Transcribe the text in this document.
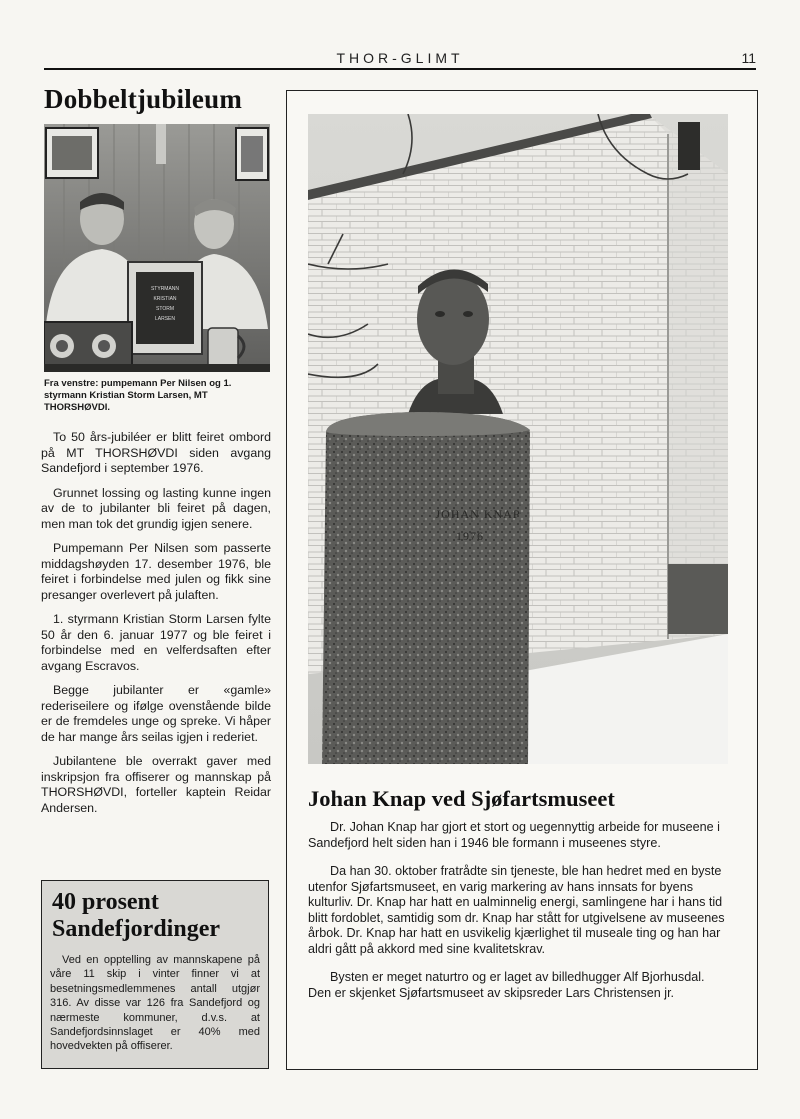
THOR-GLIMT	11
Dobbeltjubileum
STYRMANN
KRISTIAN
STORM
LARSEN
Fra venstre: pumpemann Per Nilsen og 1. styrmann Kristian Storm Larsen, MT THORSHØVDI.

To 50 års-jubiléer er blitt feiret ombord på MT THORSHØVDI siden avgang Sandefjord i september 1976.

Grunnet lossing og lasting kunne ingen av de to jubilanter bli feiret på dagen, men man tok det grundig igjen senere.

Pumpemann Per Nilsen som passerte middagshøyden 17. desember 1976, ble feiret i forbindelse med julen og fikk sine presanger overlevert på julaften.

1. styrmann Kristian Storm Larsen fylte 50 år den 6. januar 1977 og ble feiret i forbindelse med en velferdsaften efter avgang Escravos.

Begge jubilanter er «gamle» rederiseilere og ifølge ovenstående bilde er de fremdeles unge og spreke. Vi håper de har mange års seilas igjen i rederiet.

Jubilantene ble overrakt gaver med inskripsjon fra offiserer og mannskap på THORSHØVDI, forteller kaptein Reidar Andersen.

40 prosent
Sandefjordinger
Ved en opptelling av mannskapene på våre 11 skip i vinter finner vi at besetningsmedlemmenes antall utgjør 316. Av disse var 126 fra Sandefjord og nærmeste kommuner, d.v.s. at Sandefjordsinnslaget er 40% med hovedvekten på offiserer.
JOHAN KNAP
1976
Johan Knap ved Sjøfartsmuseet

Dr. Johan Knap har gjort et stort og uegennyttig arbeide for museene i Sandefjord helt siden han i 1946 ble formann i museenes styre.

Da han 30. oktober fratrådte sin tjeneste, ble han hedret med en byste utenfor Sjøfartsmuseet, en varig markering av hans innsats for byens kulturliv. Dr. Knap har hatt en ualminnelig energi, samlingene har i hans tid blitt fordoblet, samtidig som dr. Knap har stått for utgivelsene av museenes årbok. Dr. Knap har hatt en usvikelig kjærlighet til museale ting og han har aldri gått på akkord med sine kvalitetskrav.

Bysten er meget naturtro og er laget av billedhugger Alf Bjorhusdal. Den er skjenket Sjøfartsmuseet av skipsreder Lars Christensen jr.
